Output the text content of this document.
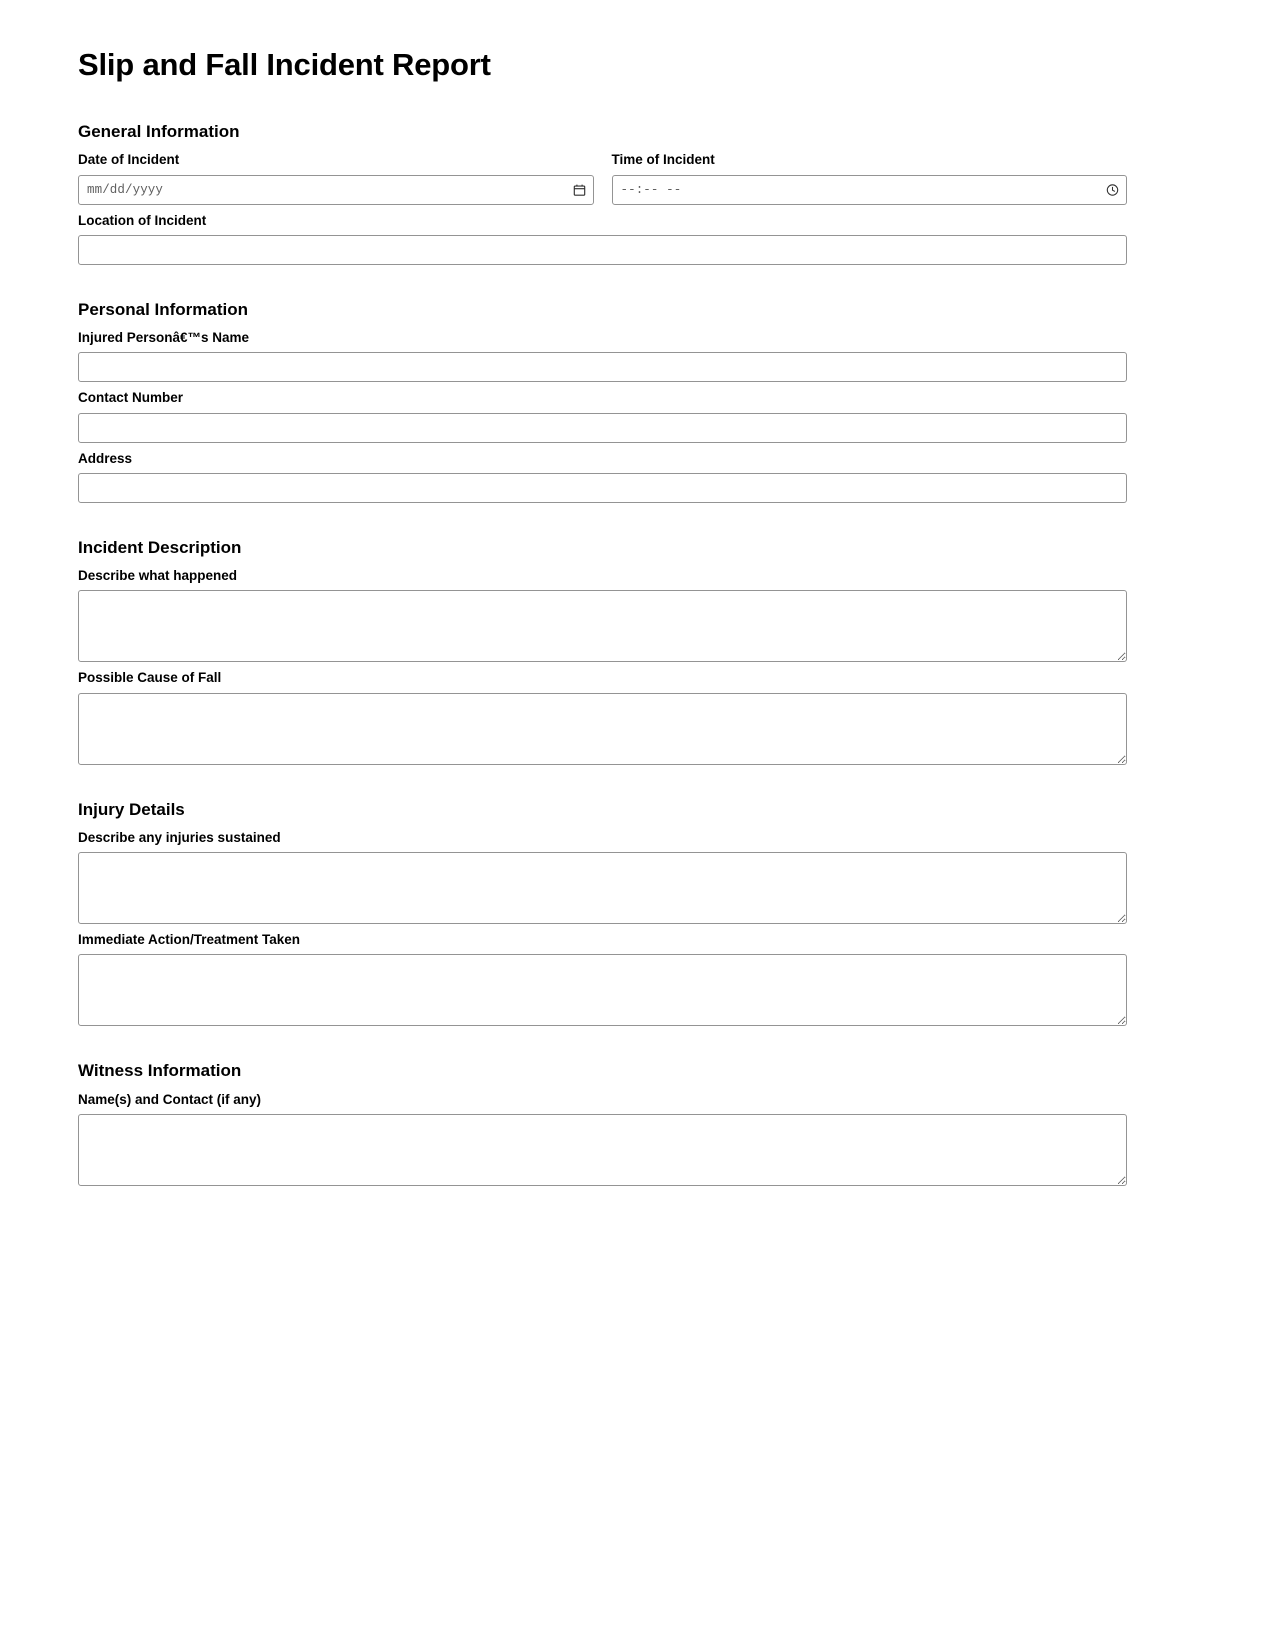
Slip and Fall Incident Report
General Information
Date of Incident
mm/dd/yyyy
Time of Incident
--:-- --
Location of Incident
Personal Information
Injured Personâ€™s Name
Contact Number
Address
Incident Description
Describe what happened
Possible Cause of Fall
Injury Details
Describe any injuries sustained
Immediate Action/Treatment Taken
Witness Information
Name(s) and Contact (if any)
